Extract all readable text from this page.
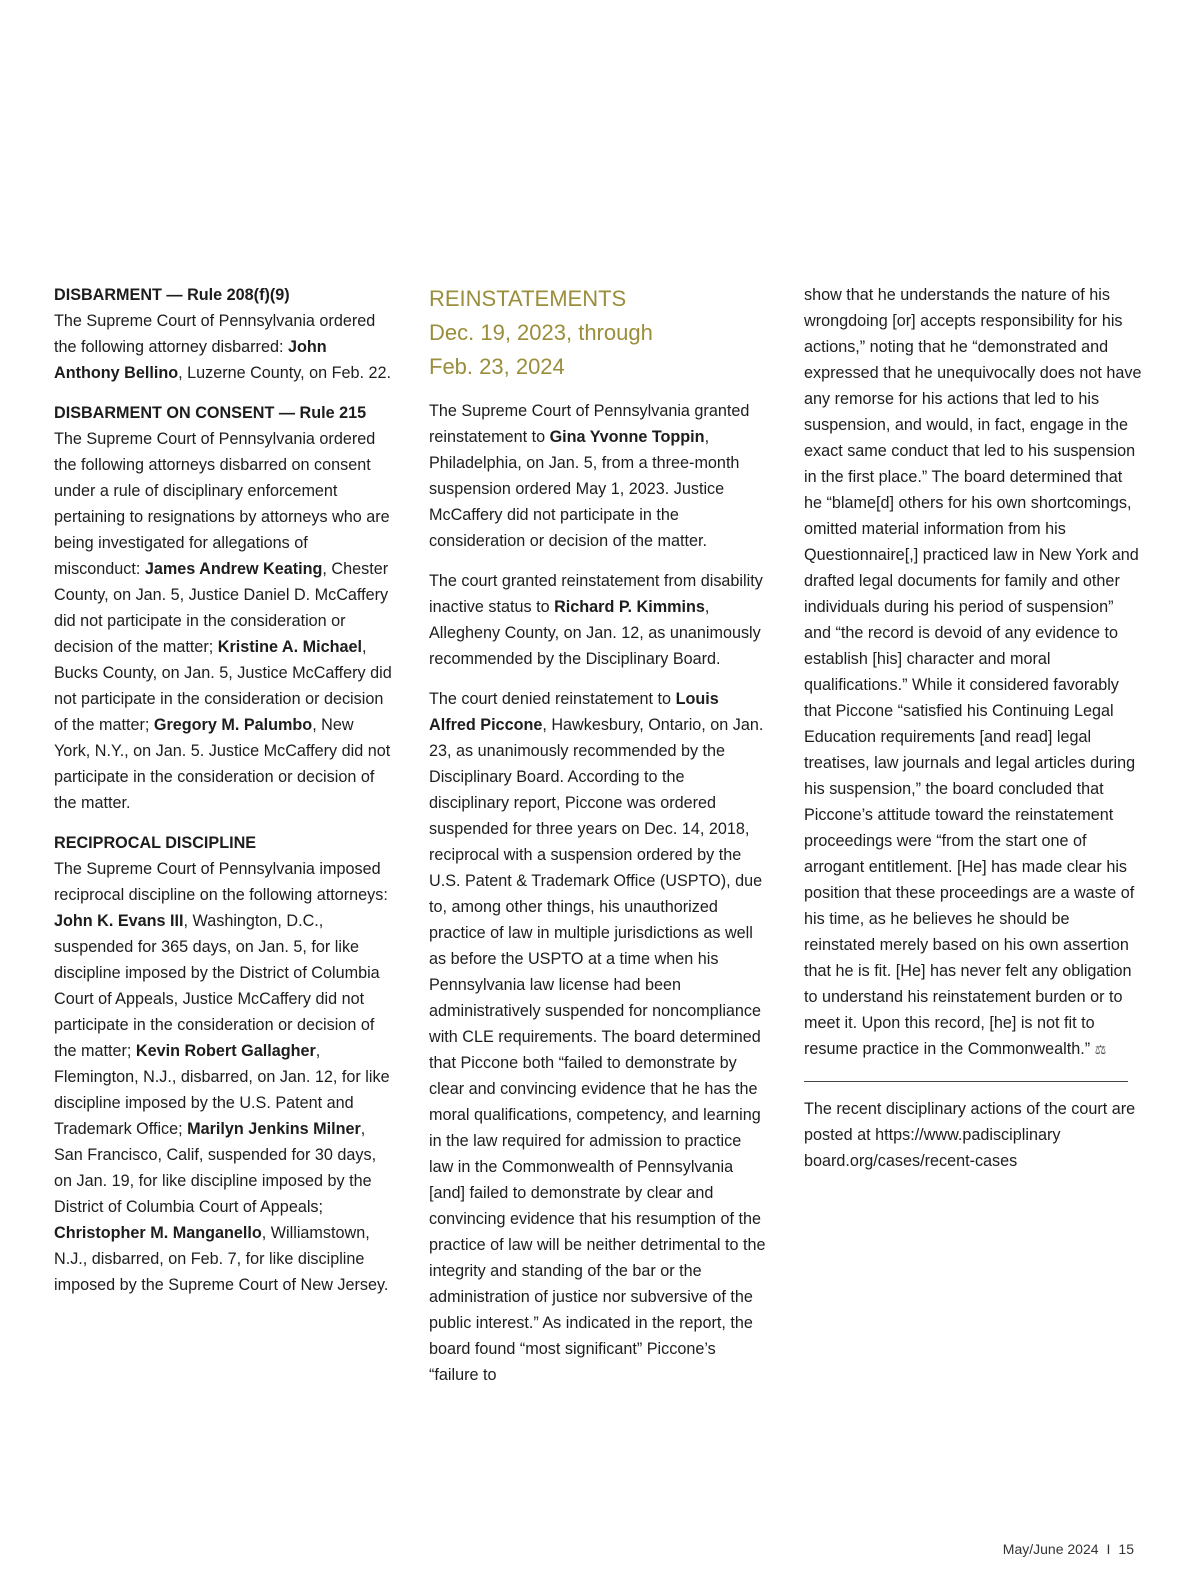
DISBARMENT — Rule 208(f)(9)
The Supreme Court of Pennsylvania ordered the following attorney disbarred: John Anthony Bellino, Luzerne County, on Feb. 22.

DISBARMENT ON CONSENT — Rule 215
The Supreme Court of Pennsylvania ordered the following attorneys disbarred on consent under a rule of disciplinary enforcement pertaining to resignations by attorneys who are being investigated for allegations of misconduct: James Andrew Keating, Chester County, on Jan. 5, Justice Daniel D. McCaffery did not participate in the consideration or decision of the matter; Kristine A. Michael, Bucks County, on Jan. 5, Justice McCaffery did not participate in the consideration or decision of the matter; Gregory M. Palumbo, New York, N.Y., on Jan. 5. Justice McCaffery did not participate in the consideration or decision of the matter.

RECIPROCAL DISCIPLINE
The Supreme Court of Pennsylvania imposed reciprocal discipline on the following attorneys: John K. Evans III, Washington, D.C., suspended for 365 days, on Jan. 5, for like discipline imposed by the District of Columbia Court of Appeals, Justice McCaffery did not participate in the consideration or decision of the matter; Kevin Robert Gallagher, Flemington, N.J., disbarred, on Jan. 12, for like discipline imposed by the U.S. Patent and Trademark Office; Marilyn Jenkins Milner, San Francisco, Calif, suspended for 30 days, on Jan. 19, for like discipline imposed by the District of Columbia Court of Appeals; Christopher M. Manganello, Williamstown, N.J., disbarred, on Feb. 7, for like discipline imposed by the Supreme Court of New Jersey.

REINSTATEMENTS
Dec. 19, 2023, through
Feb. 23, 2024

The Supreme Court of Pennsylvania granted reinstatement to Gina Yvonne Toppin, Philadelphia, on Jan. 5, from a three-month suspension ordered May 1, 2023. Justice McCaffery did not participate in the consideration or decision of the matter.

The court granted reinstatement from disability inactive status to Richard P. Kimmins, Allegheny County, on Jan. 12, as unanimously recommended by the Disciplinary Board.

The court denied reinstatement to Louis Alfred Piccone, Hawkesbury, Ontario, on Jan. 23, as unanimously recommended by the Disciplinary Board. According to the disciplinary report, Piccone was ordered suspended for three years on Dec. 14, 2018, reciprocal with a suspension ordered by the U.S. Patent & Trademark Office (USPTO), due to, among other things, his unauthorized practice of law in multiple jurisdictions as well as before the USPTO at a time when his Pennsylvania law license had been administratively suspended for noncompliance with CLE requirements. The board determined that Piccone both “failed to demonstrate by clear and convincing evidence that he has the moral qualifications, competency, and learning in the law required for admission to practice law in the Commonwealth of Pennsylvania [and] failed to demonstrate by clear and convincing evidence that his resumption of the practice of law will be neither detrimental to the integrity and standing of the bar or the administration of justice nor subversive of the public interest.” As indicated in the report, the board found “most significant” Piccone’s “failure to

show that he understands the nature of his wrongdoing [or] accepts responsibility for his actions,” noting that he “demonstrated and expressed that he unequivocally does not have any remorse for his actions that led to his suspension, and would, in fact, engage in the exact same conduct that led to his suspension in the first place.” The board determined that he “blame[d] others for his own shortcomings, omitted material information from his Questionnaire[,] practiced law in New York and drafted legal documents for family and other individuals during his period of suspension” and “the record is devoid of any evidence to establish [his] character and moral qualifications.” While it considered favorably that Piccone “satisfied his Continuing Legal Education requirements [and read] legal treatises, law journals and legal articles during his suspension,” the board concluded that Piccone’s attitude toward the reinstatement proceedings were “from the start one of arrogant entitlement. [He] has made clear his position that these proceedings are a waste of his time, as he believes he should be reinstated merely based on his own assertion that he is fit. [He] has never felt any obligation to understand his reinstatement burden or to meet it. Upon this record, [he] is not fit to resume practice in the Commonwealth.” ⚖

The recent disciplinary actions of the court are posted at https://www.padisciplinary board.org/cases/recent-cases

May/June 2024 I 15
